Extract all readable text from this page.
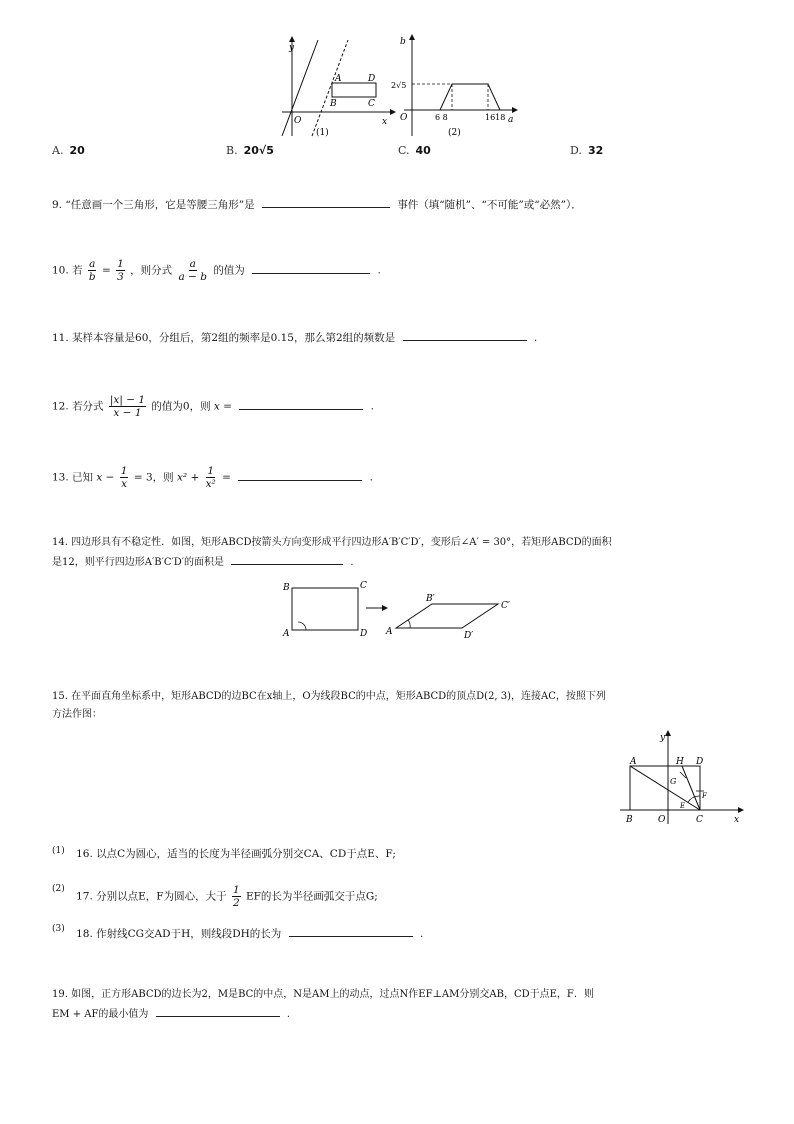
y
x
O
A	D
B	C
(1)
b
a
O
2√5
6 8	1618
(2)
A. 20	B. 20√5	C. 40	D. 32
9. “任意画一个三角形，它是等腰三角形”是	事件（填“随机”、“不可能”或“必然”）．
10. 若 $\frac{a}{b} = \frac{1}{3}$ ，则分式 $\frac{a}{a - b}$ 的值为	.
11. 某样本容量是60，分组后，第2组的频率是0.15，那么第2组的频数是	.
12. 若分式 $\frac{|x| - 1}{x - 1}$ 的值为0，则 x =	.
13. 已知 $x - \frac{1}{x} = 3$，则 $x^2 + \frac{1}{\text{x²}}$ =	.
14. 四边形具有不稳定性．如图，矩形ABCD按箭头方向变形成平行四边形A′B′C′D′，变形后∠A′ = 30°，若矩形ABCD的面积
是12，则平行四边形A′B′C′D′的面积是	.
B	C
A	D A
B′
C′
D′
15. 在平面直角坐标系中，矩形ABCD的边BC在x轴上，O为线段BC的中点，矩形ABCD的顶点D(2, 3)，连接AC，按照下列
方法作图：
A	D
B	C
O
H
G
E
F
y
x
(1) 16. 以点C为圆心，适当的长度为半径画弧分别交CA、CD于点E、F;
(2) 17. 分别以点E，F为圆心，大于 $\frac{1}{2}$ EF的长为半径画弧交于点G;
(3) 18. 作射线CG交AD于H，则线段DH的长为	.
19. 如图，正方形ABCD的边长为2，M是BC的中点，N是AM上的动点，过点N作EF⊥AM分别交AB，CD于点E，F．则
EM + AF的最小值为	.
